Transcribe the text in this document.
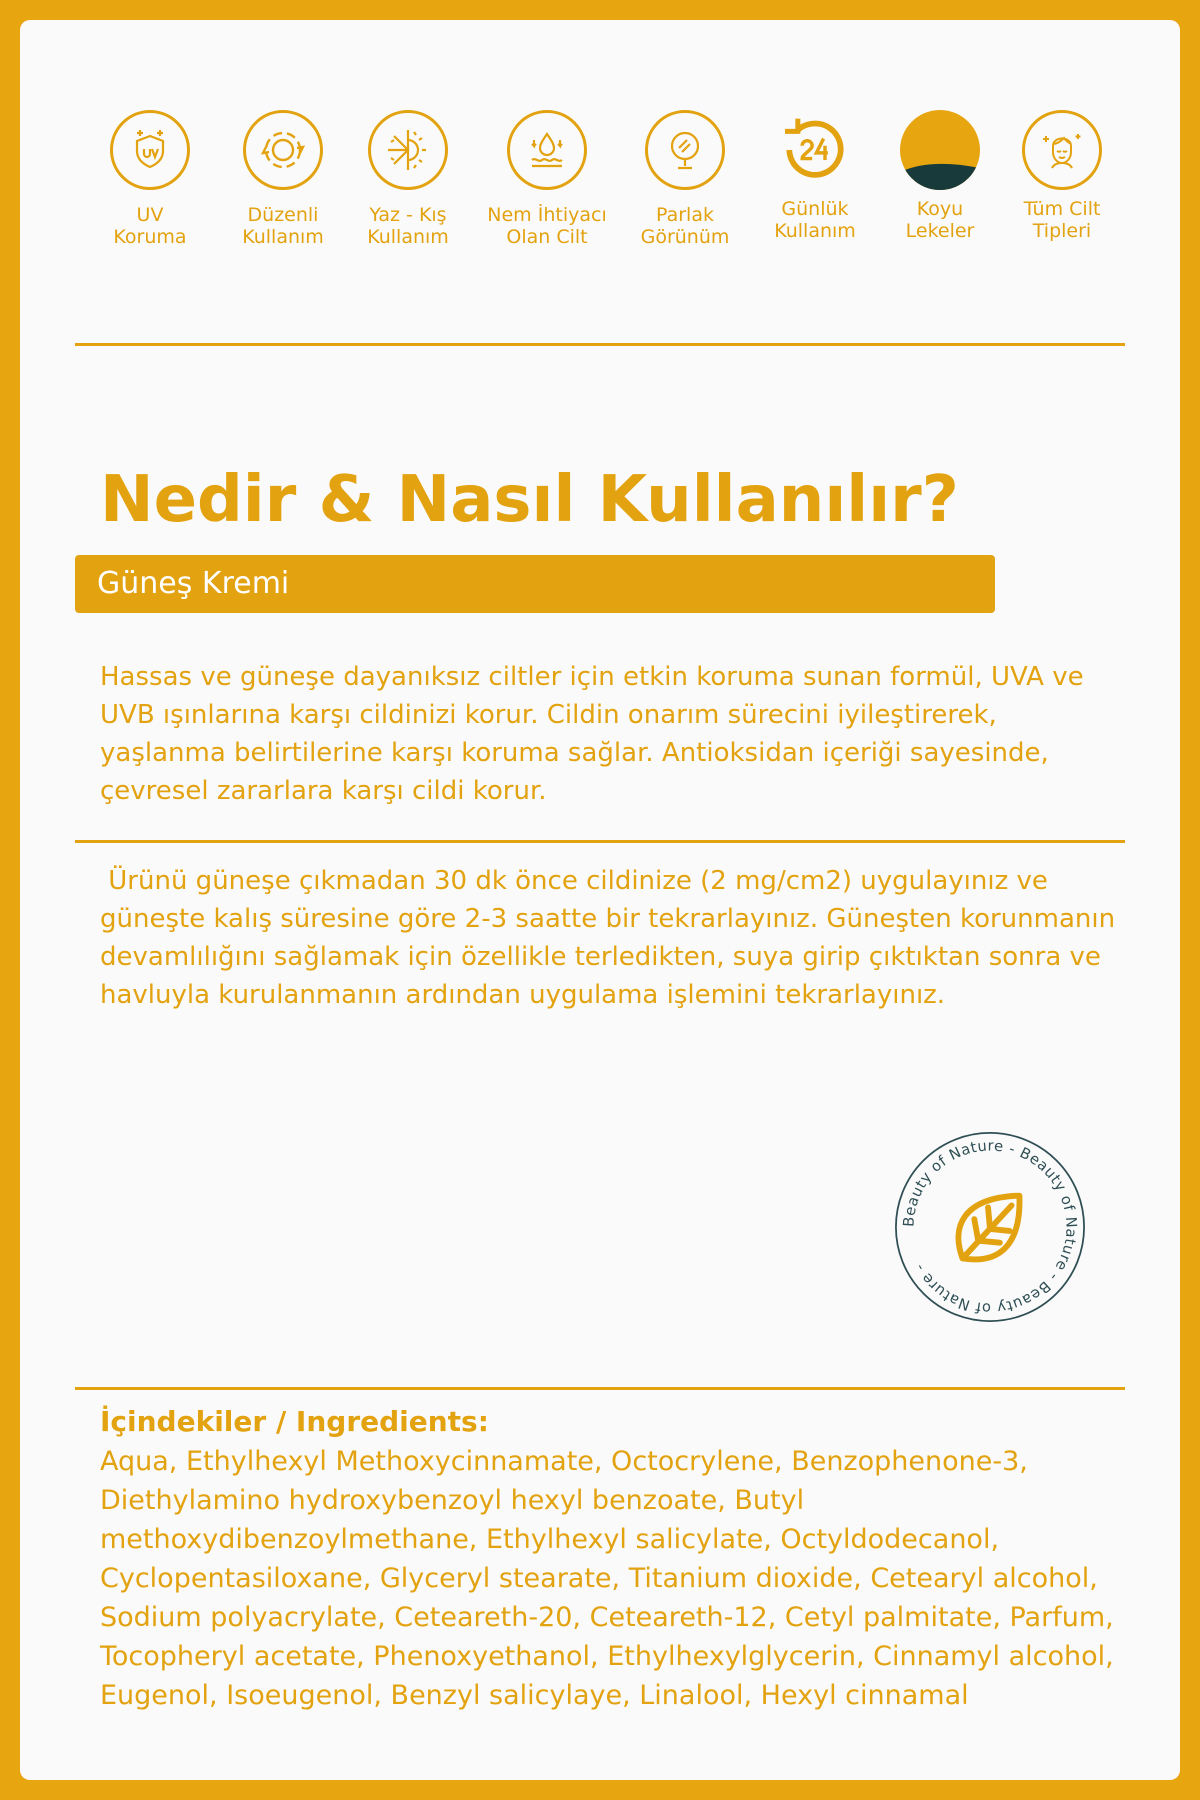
UV
Koruma
Düzenli
Kullanım
Yaz - Kış
Kullanım
Nem İhtiyacı
Olan Cilt
Parlak
Görünüm
Günlük
Kullanım
Koyu
Lekeler
Tüm Cilt
Tipleri
Nedir & Nasıl Kullanılır?
Güneş Kremi

Hassas ve güneşe dayanıksız ciltler için etkin koruma sunan formül, UVA ve UVB ışınlarına karşı cildinizi korur. Cildin onarım sürecini iyileştirerek, yaşlanma belirtilerine karşı koruma sağlar. Antioksidan içeriği sayesinde, çevresel zararlara karşı cildi korur.

Ürünü güneşe çıkmadan 30 dk önce cildinize (2 mg/cm2) uygulayınız ve güneşte kalış süresine göre 2-3 saatte bir tekrarlayınız. Güneşten korunmanın devamlılığını sağlamak için özellikle terledikten, suya girip çıktıktan sonra ve havluyla kurulanmanın ardından uygulama işlemini tekrarlayınız.

Beauty of Nature - Beauty of Nature - Beauty of Nature -
İçindekiler / Ingredients:

Aqua, Ethylhexyl Methoxycinnamate, Octocrylene, Benzophenone-3, Diethylamino hydroxybenzoyl hexyl benzoate, Butyl methoxydibenzoylmethane, Ethylhexyl salicylate, Octyldodecanol, Cyclopentasiloxane, Glyceryl stearate, Titanium dioxide, Cetearyl alcohol, Sodium polyacrylate, Ceteareth-20, Ceteareth-12, Cetyl palmitate, Parfum, Tocopheryl acetate, Phenoxyethanol, Ethylhexylglycerin, Cinnamyl alcohol, Eugenol, Isoeugenol, Benzyl salicylaye, Linalool, Hexyl cinnamal
